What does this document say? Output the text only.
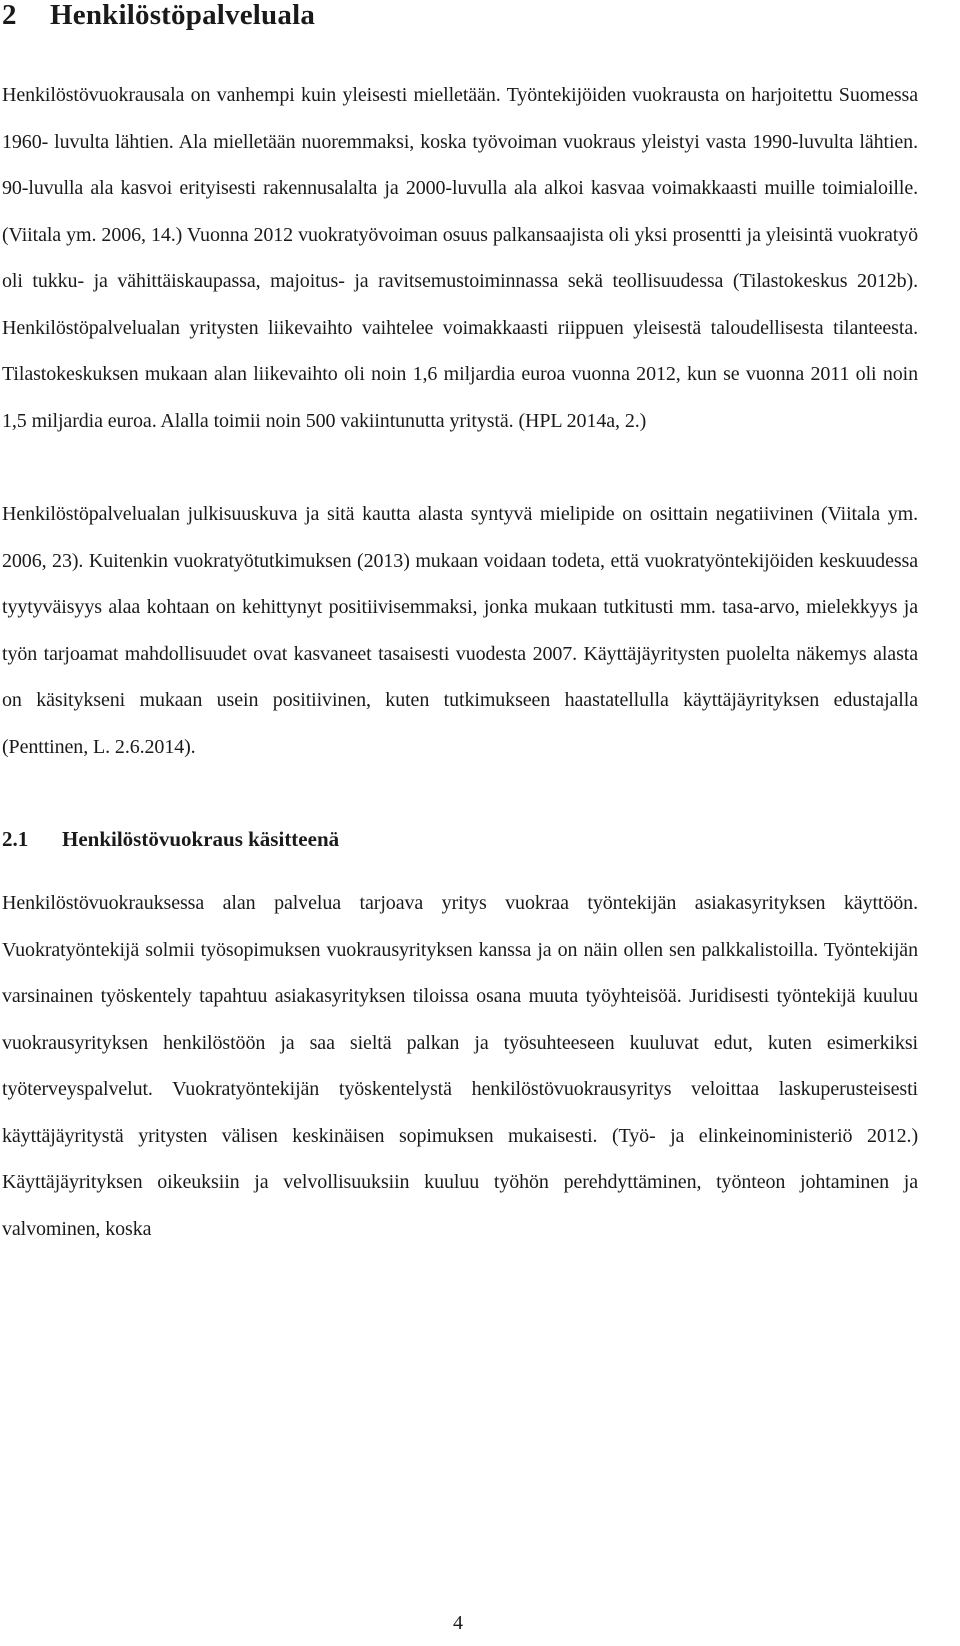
2 Henkilöstöpalveluala

Henkilöstövuokrausala on vanhempi kuin yleisesti mielletään. Työntekijöiden vuokrausta on harjoitettu Suomessa 1960- luvulta lähtien. Ala mielletään nuoremmaksi, koska työvoiman vuokraus yleistyi vasta 1990-luvulta lähtien. 90-luvulla ala kasvoi erityisesti rakennusalalta ja 2000-luvulla ala alkoi kasvaa voimakkaasti muille toimialoille. (Viitala ym. 2006, 14.) Vuonna 2012 vuokratyövoiman osuus palkansaajista oli yksi prosentti ja yleisintä vuokratyö oli tukku- ja vähittäiskaupassa, majoitus- ja ravitsemustoiminnassa sekä teollisuudessa (Tilastokeskus 2012b). Henkilöstöpalvelualan yritysten liikevaihto vaihtelee voimakkaasti riippuen yleisestä taloudellisesta tilanteesta. Tilastokeskuksen mukaan alan liikevaihto oli noin 1,6 miljardia euroa vuonna 2012, kun se vuonna 2011 oli noin 1,5 miljardia euroa. Alalla toimii noin 500 vakiintunutta yritystä. (HPL 2014a, 2.)

Henkilöstöpalvelualan julkisuuskuva ja sitä kautta alasta syntyvä mielipide on osittain negatiivinen (Viitala ym. 2006, 23). Kuitenkin vuokratyötutkimuksen (2013) mukaan voidaan todeta, että vuokratyöntekijöiden keskuudessa tyytyväisyys alaa kohtaan on kehittynyt positiivisemmaksi, jonka mukaan tutkitusti mm. tasa-arvo, mielekkyys ja työn tarjoamat mahdollisuudet ovat kasvaneet tasaisesti vuodesta 2007. Käyttäjäyritysten puolelta näkemys alasta on käsitykseni mukaan usein positiivinen, kuten tutkimukseen haastatellulla käyttäjäyrityksen edustajalla (Penttinen, L. 2.6.2014).

2.1 Henkilöstövuokraus käsitteenä

Henkilöstövuokrauksessa alan palvelua tarjoava yritys vuokraa työntekijän asiakasyrityksen käyttöön. Vuokratyöntekijä solmii työsopimuksen vuokrausyrityksen kanssa ja on näin ollen sen palkkalistoilla. Työntekijän varsinainen työskentely tapahtuu asiakasyrityksen tiloissa osana muuta työyhteisöä. Juridisesti työntekijä kuuluu vuokrausyrityksen henkilöstöön ja saa sieltä palkan ja työsuhteeseen kuuluvat edut, kuten esimerkiksi työterveyspalvelut. Vuokratyöntekijän työskentelystä henkilöstövuokrausyritys veloittaa laskuperusteisesti käyttäjäyritystä yritysten välisen keskinäisen sopimuksen mukaisesti. (Työ- ja elinkeinoministeriö 2012.) Käyttäjäyrityksen oikeuksiin ja velvollisuuksiin kuuluu työhön perehdyttäminen, työnteon johtaminen ja valvominen, koska

4
